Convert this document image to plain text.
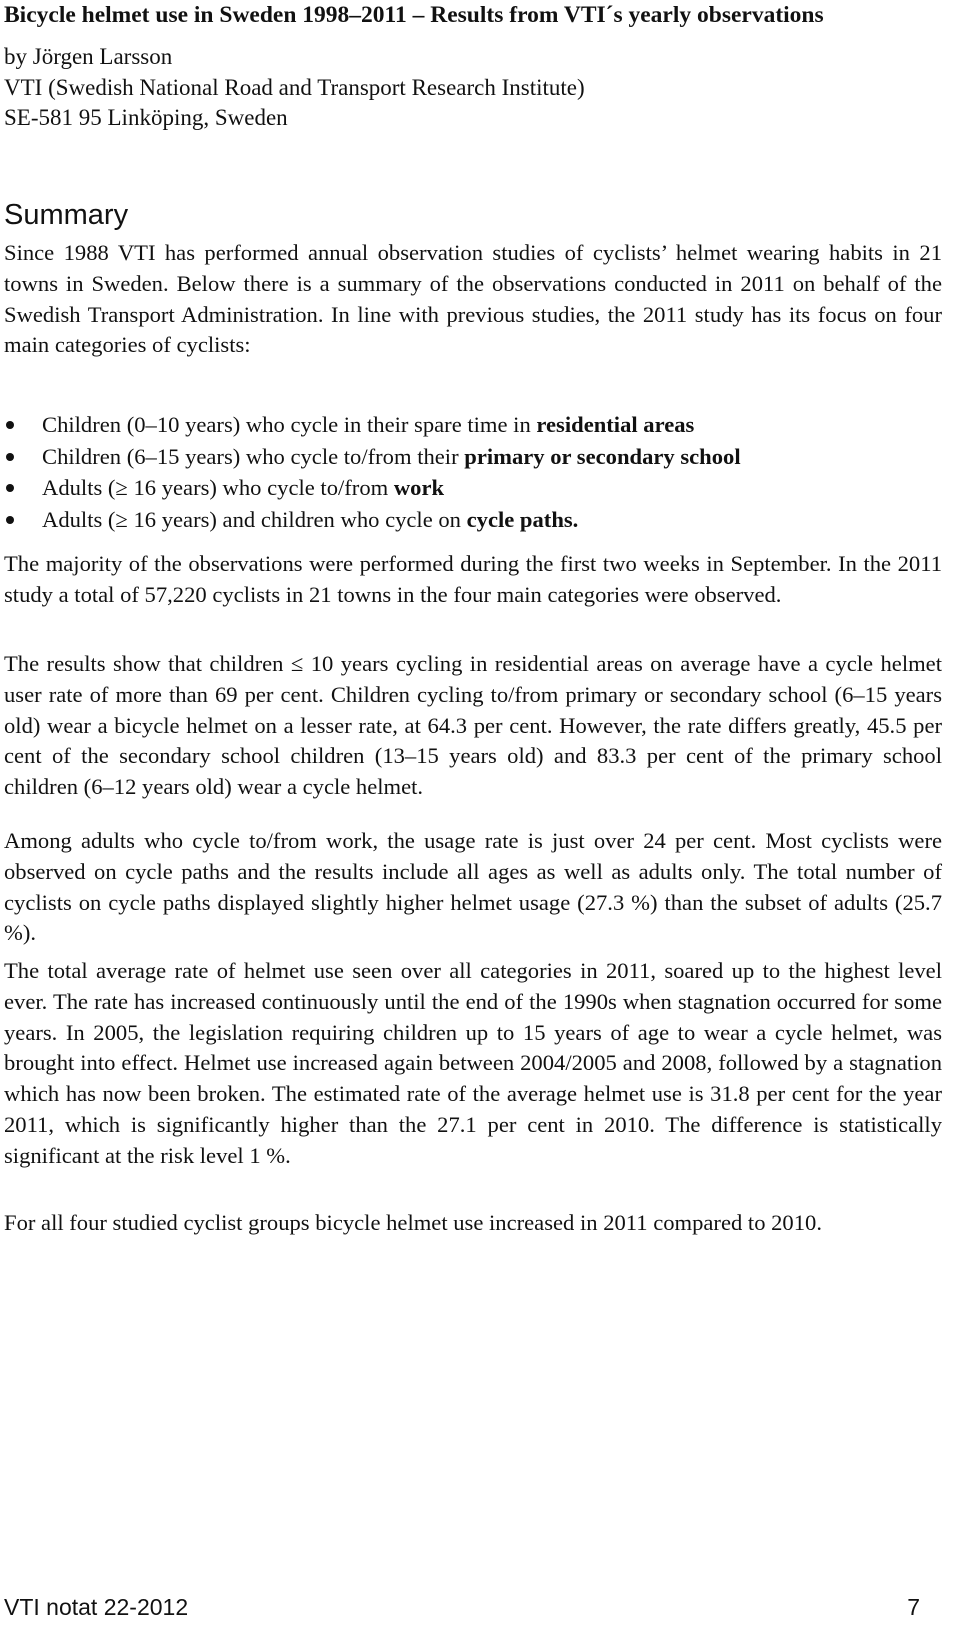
Bicycle helmet use in Sweden 1998–2011 – Results from VTI´s yearly observations
by Jörgen Larsson
VTI (Swedish National Road and Transport Research Institute)
SE-581 95 Linköping, Sweden
Summary

Since 1988 VTI has performed annual observation studies of cyclists’ helmet wearing habits in 21 towns in Sweden. Below there is a summary of the observations conducted in 2011 on behalf of the Swedish Transport Administration. In line with previous studies, the 2011 study has its focus on four main categories of cyclists:

Children (0–10 years) who cycle in their spare time in residential areas
Children (6–15 years) who cycle to/from their primary or secondary school
Adults (≥ 16 years) who cycle to/from work
Adults (≥ 16 years) and children who cycle on cycle paths.

The majority of the observations were performed during the first two weeks in September. In the 2011 study a total of 57,220 cyclists in 21 towns in the four main categories were observed.

The results show that children ≤ 10 years cycling in residential areas on average have a cycle helmet user rate of more than 69 per cent. Children cycling to/from primary or secondary school (6–15 years old) wear a bicycle helmet on a lesser rate, at 64.3 per cent. However, the rate differs greatly, 45.5 per cent of the secondary school children (13–15 years old) and 83.3 per cent of the primary school children (6–12 years old) wear a cycle helmet.

Among adults who cycle to/from work, the usage rate is just over 24 per cent. Most cyclists were observed on cycle paths and the results include all ages as well as adults only. The total number of cyclists on cycle paths displayed slightly higher helmet usage (27.3 %) than the subset of adults (25.7 %).

The total average rate of helmet use seen over all categories in 2011, soared up to the highest level ever. The rate has increased continuously until the end of the 1990s when stagnation occurred for some years. In 2005, the legislation requiring children up to 15 years of age to wear a cycle helmet, was brought into effect. Helmet use increased again between 2004/2005 and 2008, followed by a stagnation which has now been broken. The estimated rate of the average helmet use is 31.8 per cent for the year 2011, which is significantly higher than the 27.1 per cent in 2010. The difference is statistically significant at the risk level 1 %.

For all four studied cyclist groups bicycle helmet use increased in 2011 compared to 2010.

VTI notat 22-2012	7
